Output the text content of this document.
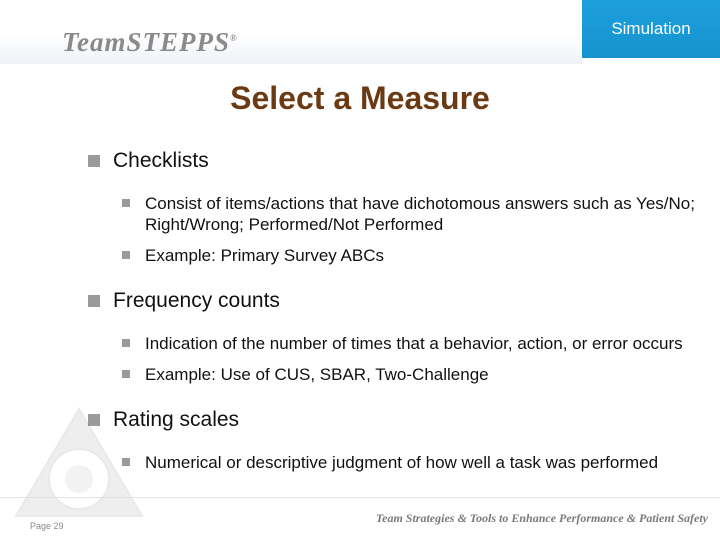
TeamSTEPPS®	Simulation
Select a Measure
Checklists
Consist of items/actions that have dichotomous answers such as Yes/No; Right/Wrong; Performed/Not Performed
Example: Primary Survey ABCs
Frequency counts
Indication of the number of times that a behavior, action, or error occurs
Example: Use of CUS, SBAR, Two-Challenge
Rating scales
Numerical or descriptive judgment of how well a task was performed
Team Strategies & Tools to Enhance Performance & Patient Safety
Page 29
